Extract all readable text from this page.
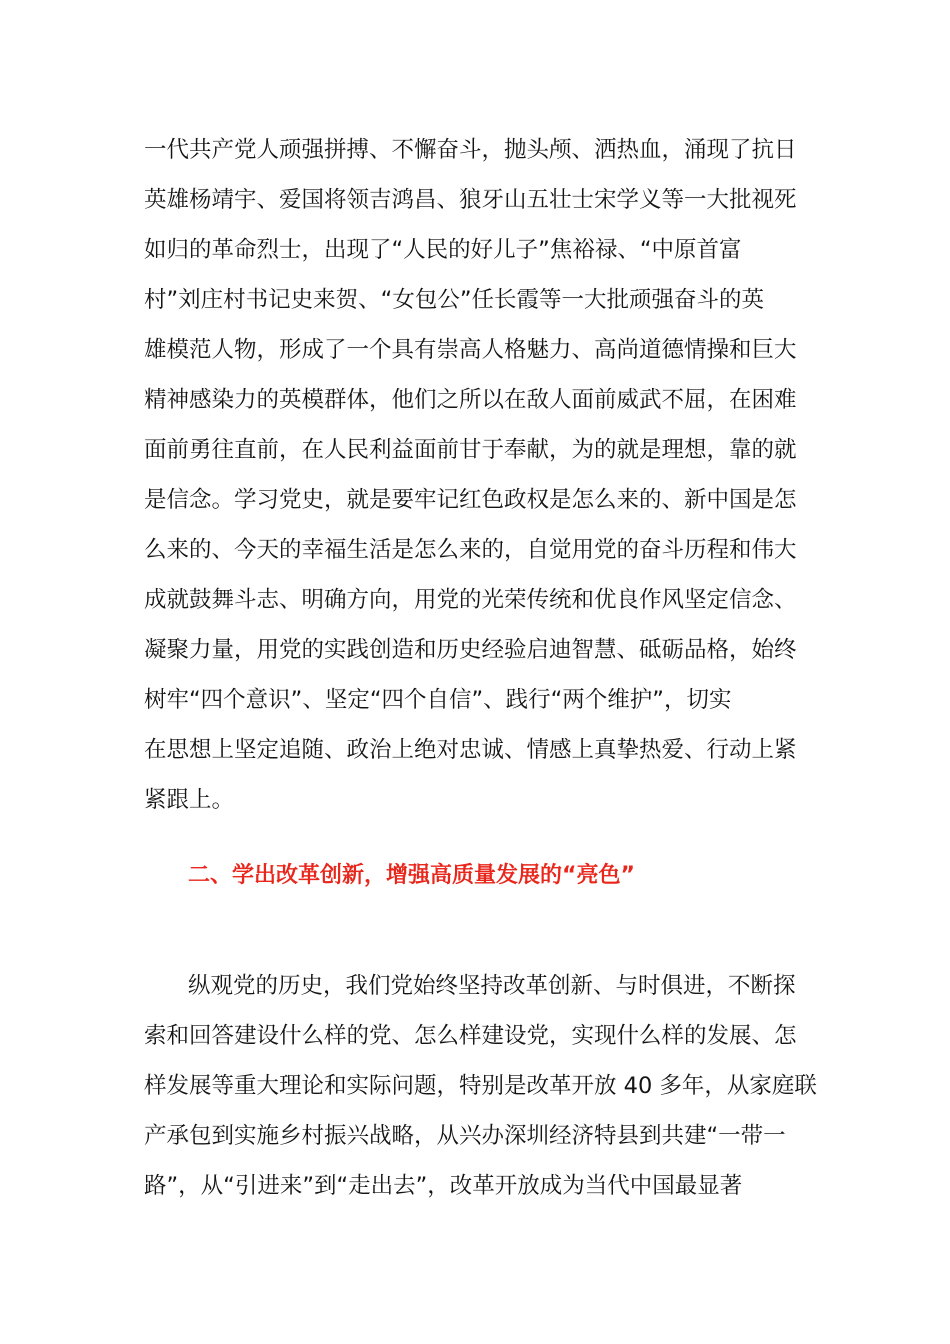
一代共产党人顽强拼搏、不懈奋斗，抛头颅、洒热血，涌现了抗日
英雄杨靖宇、爱国将领吉鸿昌、狼牙山五壮士宋学义等一大批视死
如归的革命烈士，出现了“人民的好儿子”焦裕禄、“中原首富
村”刘庄村书记史来贺、“女包公”任长霞等一大批顽强奋斗的英
雄模范人物，形成了一个具有崇高人格魅力、高尚道德情操和巨大
精神感染力的英模群体，他们之所以在敌人面前威武不屈，在困难
面前勇往直前，在人民利益面前甘于奉献，为的就是理想，靠的就
是信念。学习党史，就是要牢记红色政权是怎么来的、新中国是怎
么来的、今天的幸福生活是怎么来的，自觉用党的奋斗历程和伟大
成就鼓舞斗志、明确方向，用党的光荣传统和优良作风坚定信念、
凝聚力量，用党的实践创造和历史经验启迪智慧、砥砺品格，始终
树牢“四个意识”、坚定“四个自信”、践行“两个维护”，切实
在思想上坚定追随、政治上绝对忠诚、情感上真挚热爱、行动上紧
紧跟上。
二、学出改革创新，增强高质量发展的“亮色”
纵观党的历史，我们党始终坚持改革创新、与时俱进，不断探
索和回答建设什么样的党、怎么样建设党，实现什么样的发展、怎
样发展等重大理论和实际问题，特别是改革开放 40 多年，从家庭联
产承包到实施乡村振兴战略，从兴办深圳经济特县到共建“一带一
路”，从“引进来”到“走出去”，改革开放成为当代中国最显著
